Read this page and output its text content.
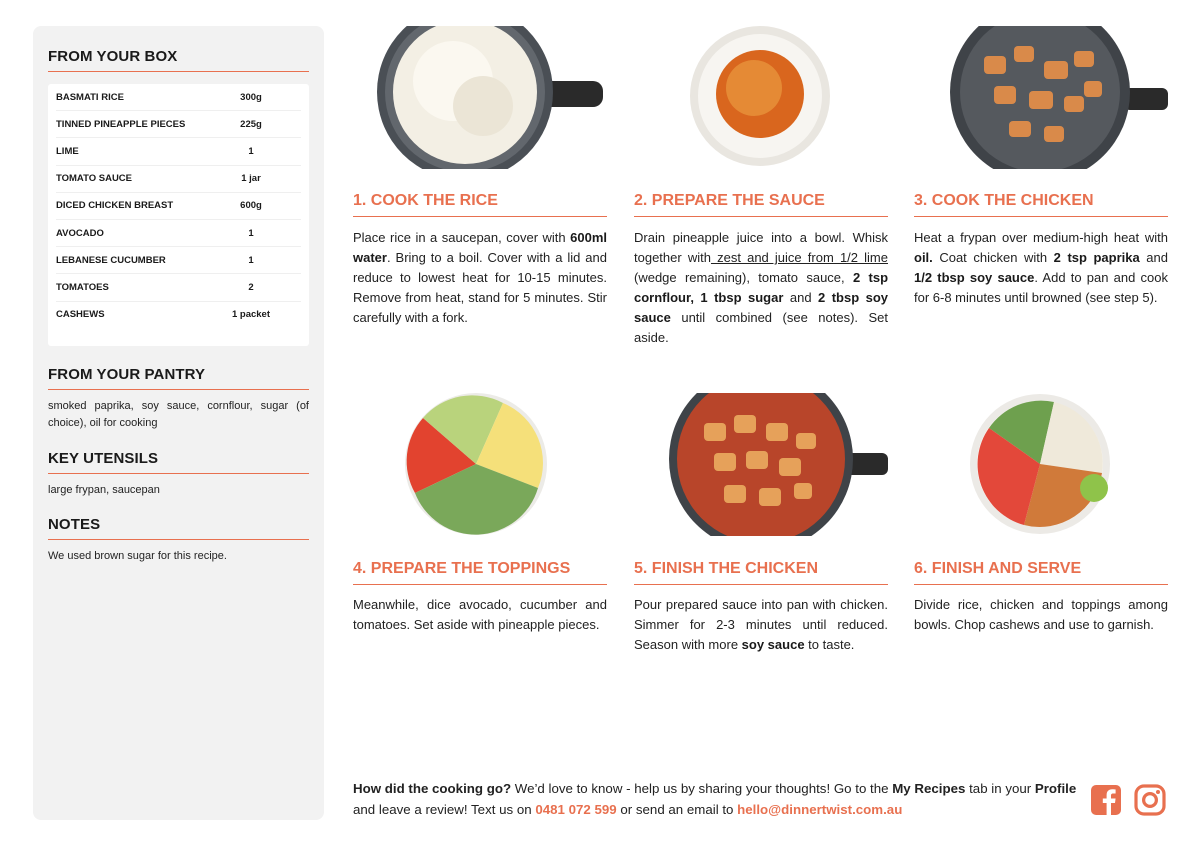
FROM YOUR BOX
BASMATI RICE	300g
TINNED PINEAPPLE PIECES	225g
LIME	1
TOMATO SAUCE	1 jar
DICED CHICKEN BREAST	600g
AVOCADO	1
LEBANESE CUCUMBER	1
TOMATOES	2
CASHEWS	1 packet
FROM YOUR PANTRY
smoked paprika, soy sauce, cornflour, sugar (of choice), oil for cooking
KEY UTENSILS
large frypan, saucepan
NOTES
We used brown sugar for this recipe.
1. COOK THE RICE
Place rice in a saucepan, cover with 600ml water. Bring to a boil. Cover with a lid and reduce to lowest heat for 10-15 minutes. Remove from heat, stand for 5 minutes. Stir carefully with a fork.
2. PREPARE THE SAUCE
Drain pineapple juice into a bowl. Whisk together with zest and juice from 1/2 lime (wedge remaining), tomato sauce, 2 tsp cornflour, 1 tbsp sugar and 2 tbsp soy sauce until combined (see notes). Set aside.
3. COOK THE CHICKEN
Heat a frypan over medium-high heat with oil. Coat chicken with 2 tsp paprika and 1/2 tbsp soy sauce. Add to pan and cook for 6-8 minutes until browned (see step 5).
4. PREPARE THE TOPPINGS
Meanwhile, dice avocado, cucumber and tomatoes. Set aside with pineapple pieces.
5. FINISH THE CHICKEN
Pour prepared sauce into pan with chicken. Simmer for 2-3 minutes until reduced. Season with more soy sauce to taste.
6. FINISH AND SERVE
Divide rice, chicken and toppings among bowls. Chop cashews and use to garnish.
How did the cooking go? We’d love to know - help us by sharing your thoughts! Go to the My Recipes tab in your Profile and leave a review! Text us on 0481 072 599 or send an email to hello@dinnertwist.com.au
